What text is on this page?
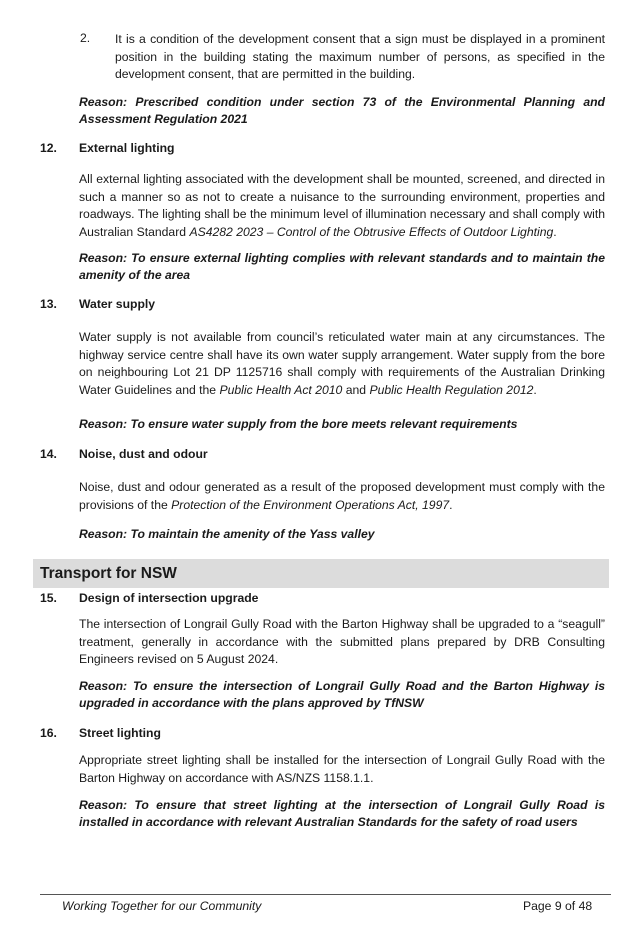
2. It is a condition of the development consent that a sign must be displayed in a prominent position in the building stating the maximum number of persons, as specified in the development consent, that are permitted in the building.
Reason: Prescribed condition under section 73 of the Environmental Planning and Assessment Regulation 2021
12. External lighting
All external lighting associated with the development shall be mounted, screened, and directed in such a manner so as not to create a nuisance to the surrounding environment, properties and roadways. The lighting shall be the minimum level of illumination necessary and shall comply with Australian Standard AS4282 2023 – Control of the Obtrusive Effects of Outdoor Lighting.
Reason: To ensure external lighting complies with relevant standards and to maintain the amenity of the area
13. Water supply
Water supply is not available from council’s reticulated water main at any circumstances. The highway service centre shall have its own water supply arrangement. Water supply from the bore on neighbouring Lot 21 DP 1125716 shall comply with requirements of the Australian Drinking Water Guidelines and the Public Health Act 2010 and Public Health Regulation 2012.
Reason: To ensure water supply from the bore meets relevant requirements
14. Noise, dust and odour
Noise, dust and odour generated as a result of the proposed development must comply with the provisions of the Protection of the Environment Operations Act, 1997.
Reason: To maintain the amenity of the Yass valley
Transport for NSW
15. Design of intersection upgrade
The intersection of Longrail Gully Road with the Barton Highway shall be upgraded to a “seagull” treatment, generally in accordance with the submitted plans prepared by DRB Consulting Engineers revised on 5 August 2024.
Reason: To ensure the intersection of Longrail Gully Road and the Barton Highway is upgraded in accordance with the plans approved by TfNSW
16. Street lighting
Appropriate street lighting shall be installed for the intersection of Longrail Gully Road with the Barton Highway on accordance with AS/NZS 1158.1.1.
Reason: To ensure that street lighting at the intersection of Longrail Gully Road is installed in accordance with relevant Australian Standards for the safety of road users
Working Together for our Community	Page 9 of 48
